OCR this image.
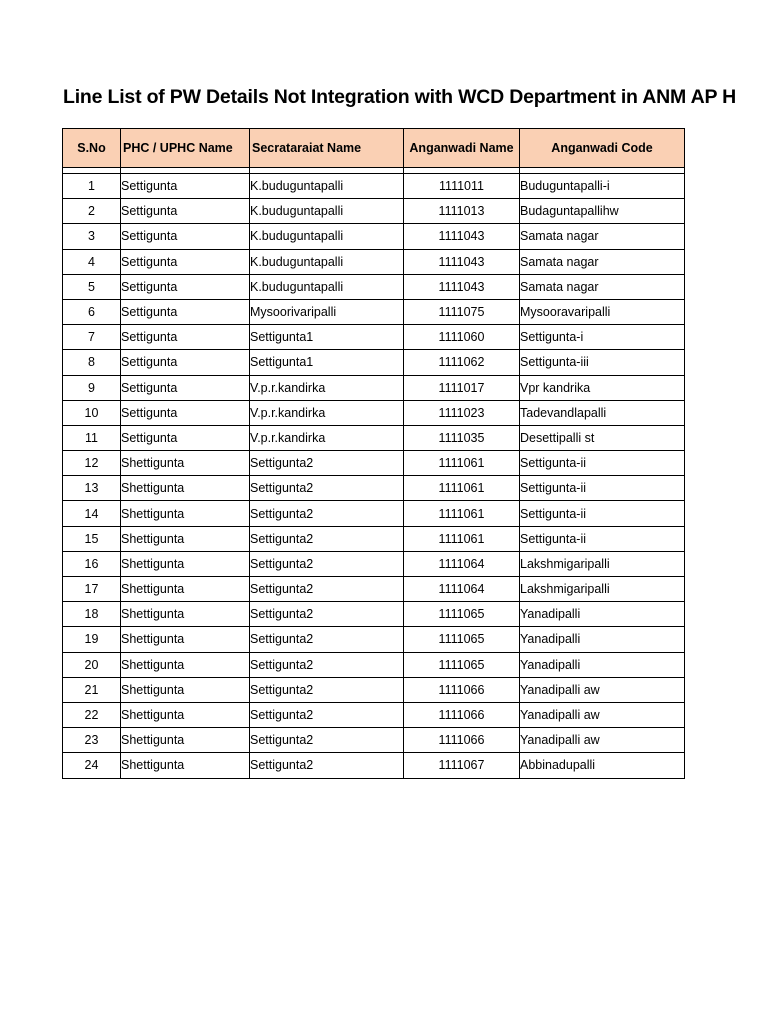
Line List of PW Details Not Integration with WCD Department in ANM AP H
S.No	PHC / UPHC Name	Secrataraiat Name	Anganwadi Name	Anganwadi Code

1	Settigunta	K.buduguntapalli	1111011	Buduguntapalli-i
2	Settigunta	K.buduguntapalli	1111013	Budaguntapallihw
3	Settigunta	K.buduguntapalli	1111043	Samata nagar
4	Settigunta	K.buduguntapalli	1111043	Samata nagar
5	Settigunta	K.buduguntapalli	1111043	Samata nagar
6	Settigunta	Mysoorivaripalli	1111075	Mysooravaripalli
7	Settigunta	Settigunta1	1111060	Settigunta-i
8	Settigunta	Settigunta1	1111062	Settigunta-iii
9	Settigunta	V.p.r.kandirka	1111017	Vpr kandrika
10	Settigunta	V.p.r.kandirka	1111023	Tadevandlapalli
11	Settigunta	V.p.r.kandirka	1111035	Desettipalli st
12	Shettigunta	Settigunta2	1111061	Settigunta-ii
13	Shettigunta	Settigunta2	1111061	Settigunta-ii
14	Shettigunta	Settigunta2	1111061	Settigunta-ii
15	Shettigunta	Settigunta2	1111061	Settigunta-ii
16	Shettigunta	Settigunta2	1111064	Lakshmigaripalli
17	Shettigunta	Settigunta2	1111064	Lakshmigaripalli
18	Shettigunta	Settigunta2	1111065	Yanadipalli
19	Shettigunta	Settigunta2	1111065	Yanadipalli
20	Shettigunta	Settigunta2	1111065	Yanadipalli
21	Shettigunta	Settigunta2	1111066	Yanadipalli aw
22	Shettigunta	Settigunta2	1111066	Yanadipalli aw
23	Shettigunta	Settigunta2	1111066	Yanadipalli aw
24	Shettigunta	Settigunta2	1111067	Abbinadupalli
